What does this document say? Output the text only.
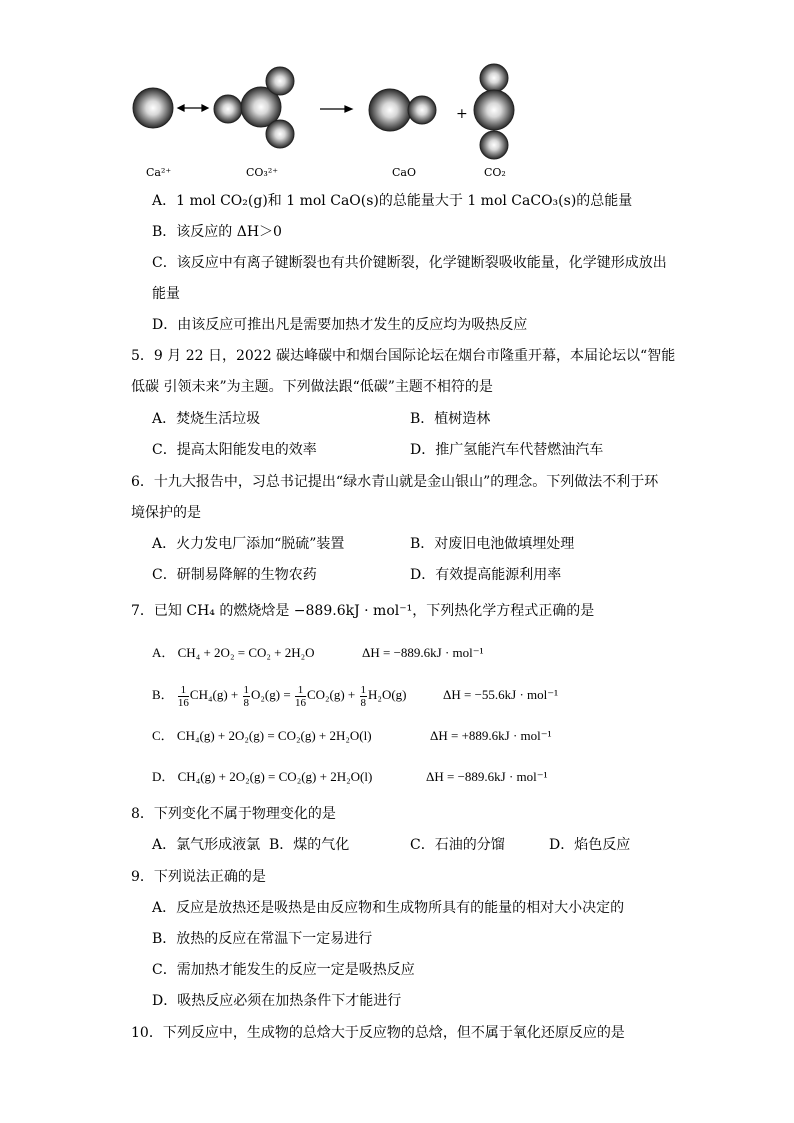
+
Ca²⁺	CO₃²⁺	CaO	CO₂
A．1 mol CO₂(g)和 1 mol CaO(s)的总能量大于 1 mol CaCO₃(s)的总能量
B．该反应的 ΔH＞0
C．该反应中有离子键断裂也有共价键断裂，化学键断裂吸收能量，化学键形成放出
能量
D．由该反应可推出凡是需要加热才发生的反应均为吸热反应
5．9 月 22 日，2022 碳达峰碳中和烟台国际论坛在烟台市隆重开幕，本届论坛以“智能
低碳 引领未来”为主题。下列做法跟“低碳”主题不相符的是
A．焚烧生活垃圾	B．植树造林
C．提高太阳能发电的效率	D．推广氢能汽车代替燃油汽车
6．十九大报告中，习总书记提出“绿水青山就是金山银山”的理念。下列做法不利于环
境保护的是
A．火力发电厂添加“脱硫”装置	B．对废旧电池做填埋处理
C．研制易降解的生物农药	D．有效提高能源利用率
7．已知 CH₄ 的燃烧焓是 −889.6kJ · mol⁻¹，下列热化学方程式正确的是
A． CH₄ + 2O₂ = CO₂ + 2H₂O	ΔH = −889.6kJ · mol⁻¹
B． $\frac{1}{16} CH_4(g) + \frac{1}{8} O_2(g) = \frac{1}{16} CO_2(g) + \frac{1}{8} H_2O(g)$	ΔH = −55.6kJ · mol⁻¹
C． CH₄(g) + 2O₂(g) = CO₂(g) + 2H₂O(l)	ΔH = +889.6kJ · mol⁻¹
D． CH₄(g) + 2O₂(g) = CO₂(g) + 2H₂O(l)	ΔH = −889.6kJ · mol⁻¹
8．下列变化不属于物理变化的是
A．氯气形成液氯 B．煤的气化	C．石油的分馏	D．焰色反应
9．下列说法正确的是
A．反应是放热还是吸热是由反应物和生成物所具有的能量的相对大小决定的
B．放热的反应在常温下一定易进行
C．需加热才能发生的反应一定是吸热反应
D．吸热反应必须在加热条件下才能进行
10．下列反应中，生成物的总焓大于反应物的总焓，但不属于氧化还原反应的是
